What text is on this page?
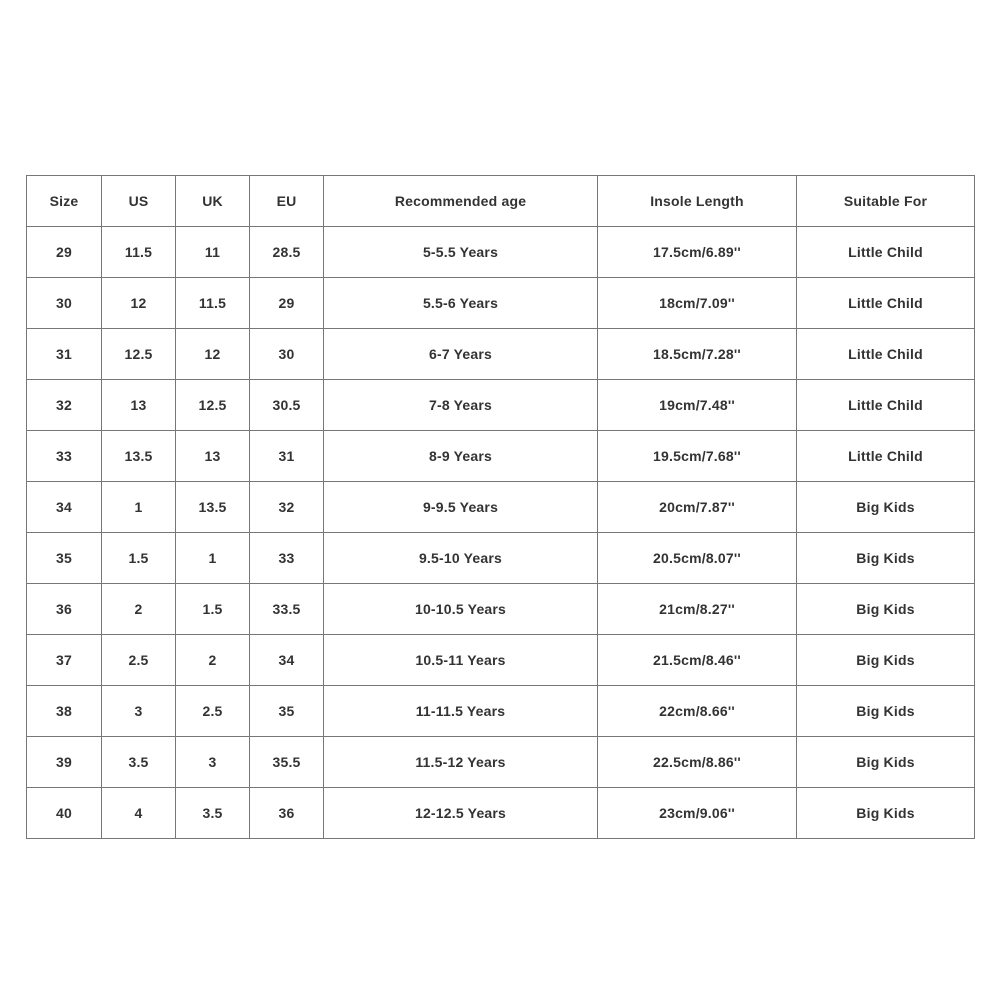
Size	US	UK	EU	Recommended age	Insole Length	Suitable For
29	11.5	11	28.5	5-5.5 Years	17.5cm/6.89''	Little Child
30	12	11.5	29	5.5-6 Years	18cm/7.09''	Little Child
31	12.5	12	30	6-7 Years	18.5cm/7.28''	Little Child
32	13	12.5	30.5	7-8 Years	19cm/7.48''	Little Child
33	13.5	13	31	8-9 Years	19.5cm/7.68''	Little Child
34	1	13.5	32	9-9.5 Years	20cm/7.87''	Big Kids
35	1.5	1	33	9.5-10 Years	20.5cm/8.07''	Big Kids
36	2	1.5	33.5	10-10.5 Years	21cm/8.27''	Big Kids
37	2.5	2	34	10.5-11 Years	21.5cm/8.46''	Big Kids
38	3	2.5	35	11-11.5 Years	22cm/8.66''	Big Kids
39	3.5	3	35.5	11.5-12 Years	22.5cm/8.86''	Big Kids
40	4	3.5	36	12-12.5 Years	23cm/9.06''	Big Kids
